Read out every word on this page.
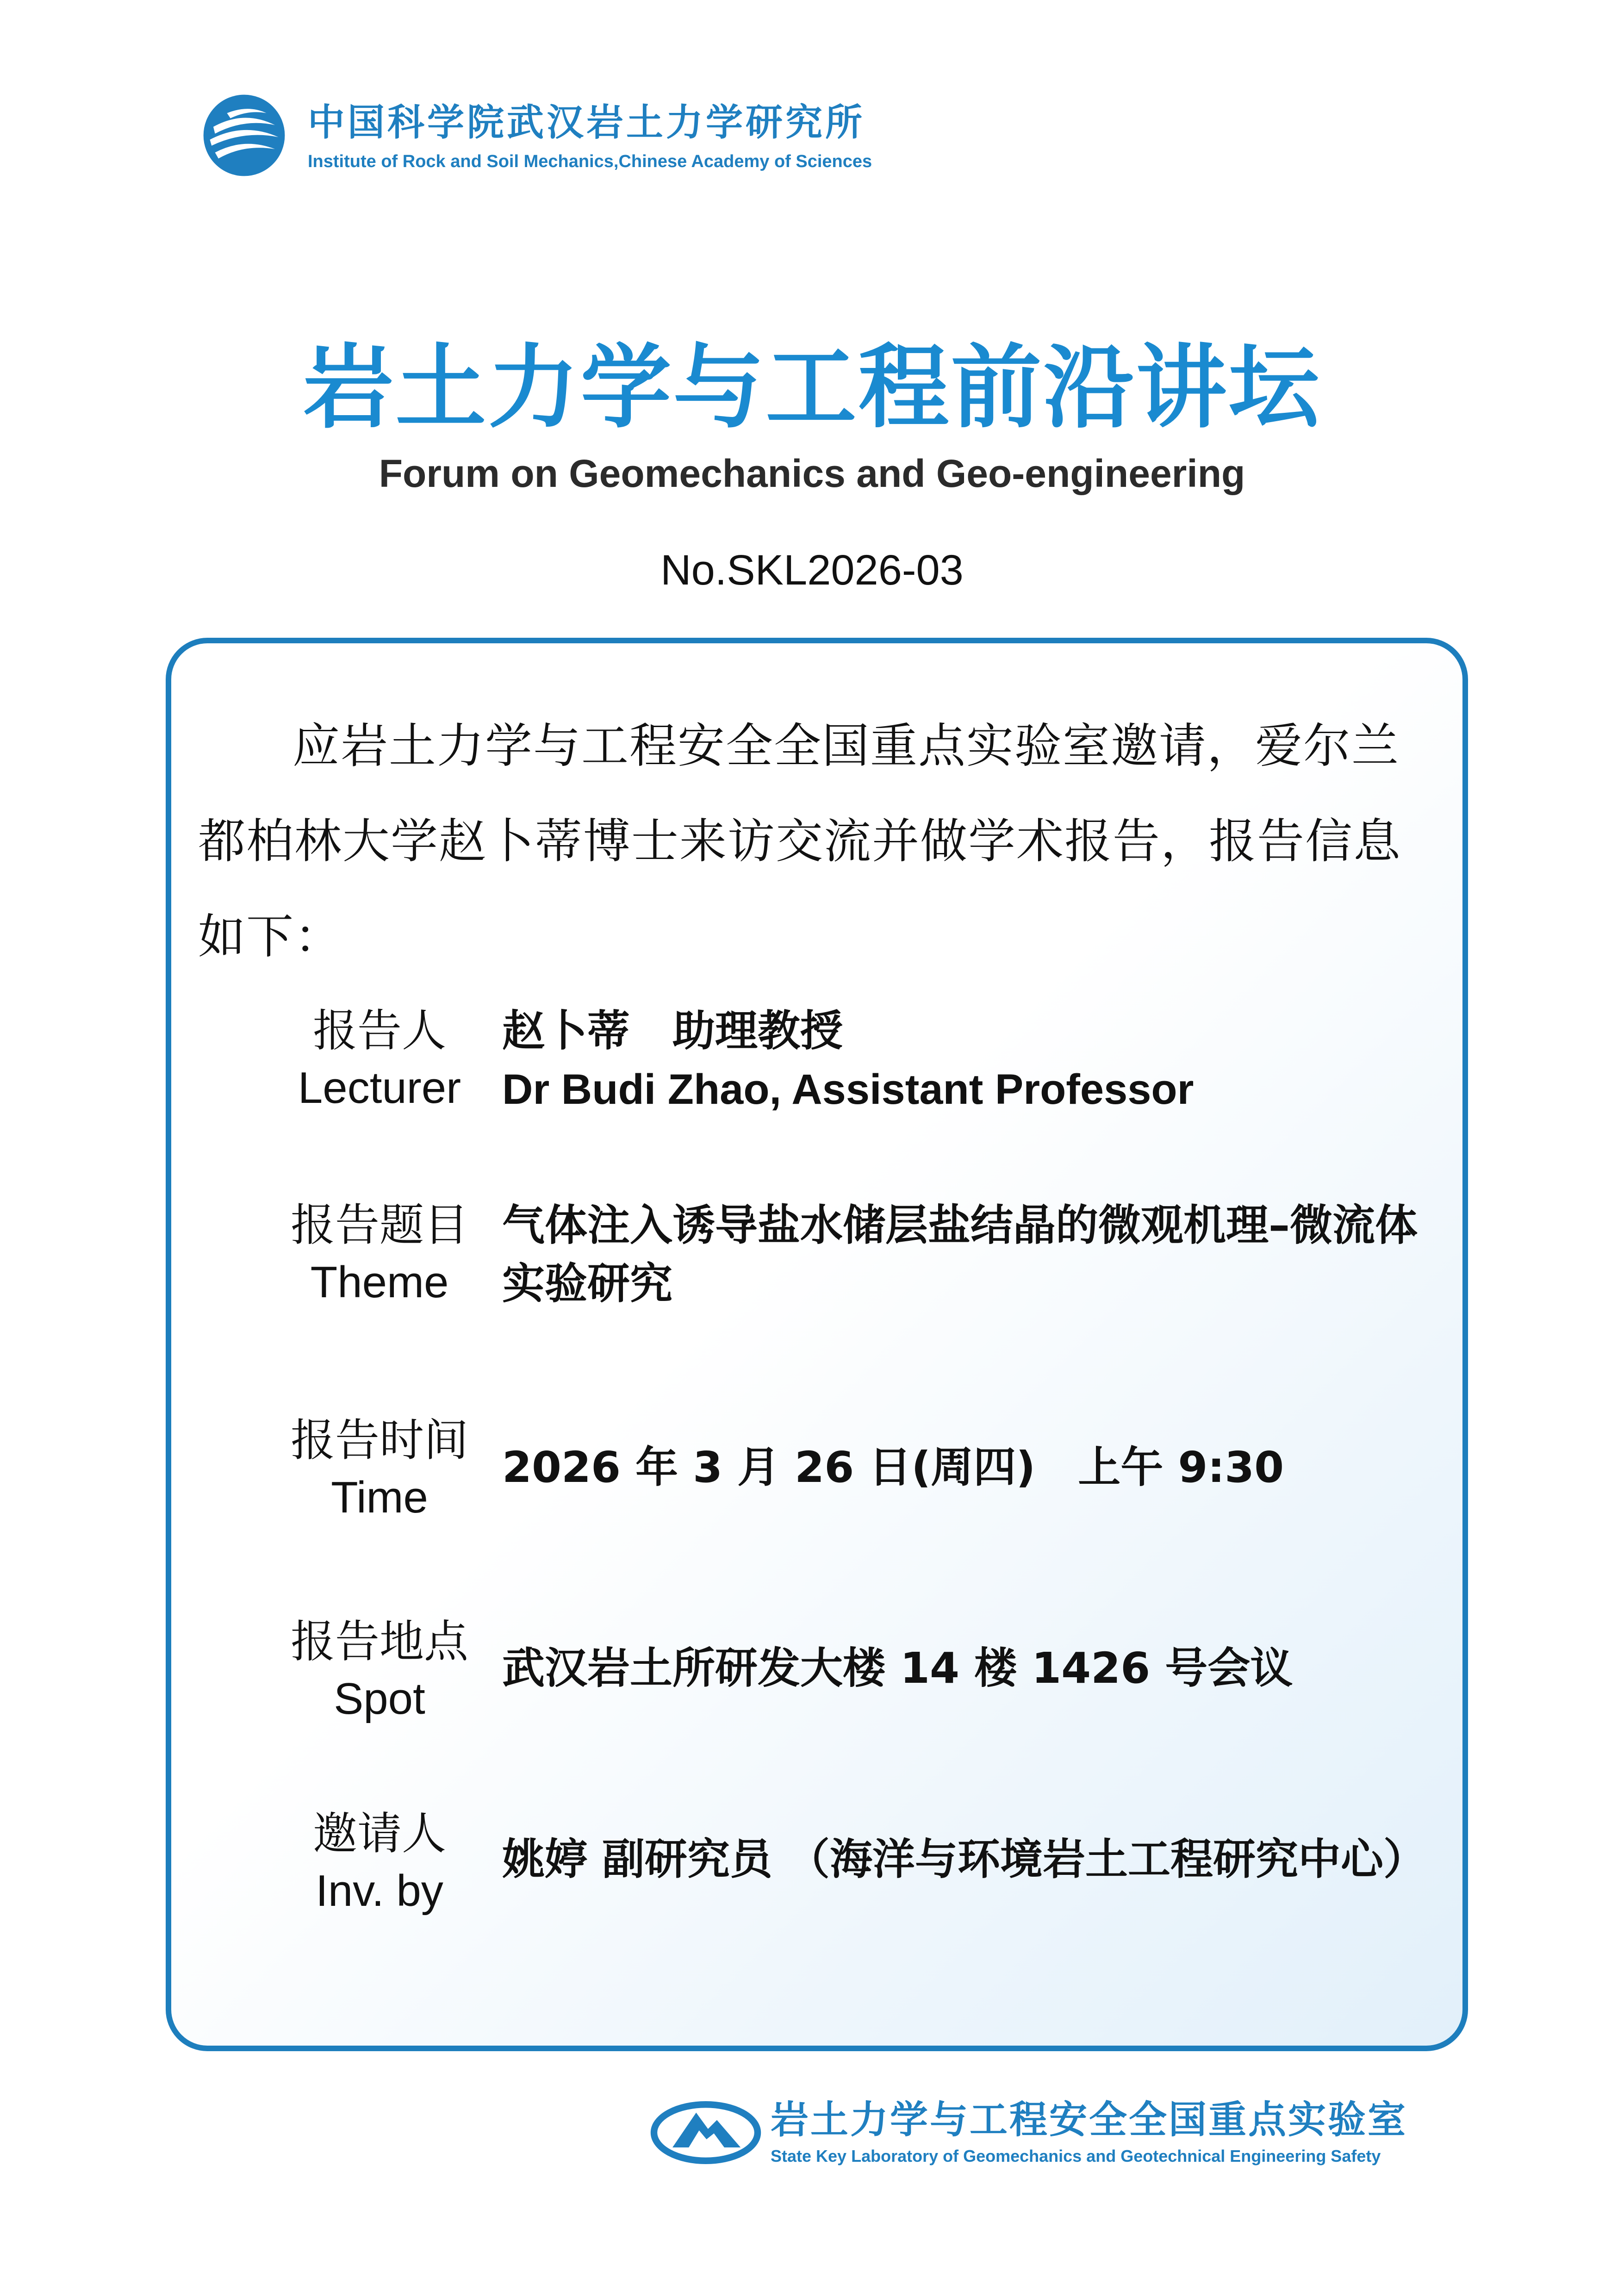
中国科学院武汉岩土力学研究所
Institute of Rock and Soil Mechanics,Chinese Academy of Sciences
岩土力学与工程前沿讲坛
Forum on Geomechanics and Geo-engineering
No.SKL2026-03
应岩土力学与工程安全全国重点实验室邀请，爱尔兰都柏林大学赵卜蒂博士来访交流并做学术报告，报告信息如下：
报告人
Lecturer
赵卜蒂　助理教授
Dr Budi Zhao, Assistant Professor
报告题目
Theme
气体注入诱导盐水储层盐结晶的微观机理–微流体
实验研究
报告时间
Time
2026 年 3 月 26 日(周四)　上午 9:30
报告地点
Spot
武汉岩土所研发大楼 14 楼 1426 号会议
邀请人
Inv. by
姚婷 副研究员 （海洋与环境岩土工程研究中心）
岩土力学与工程安全全国重点实验室
State Key Laboratory of Geomechanics and Geotechnical Engineering Safety
